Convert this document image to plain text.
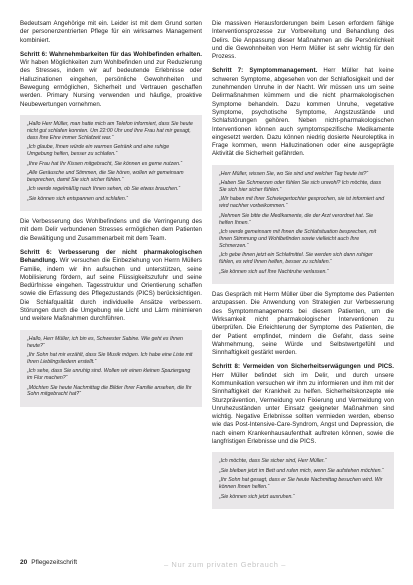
Bedeutsam Angehörige mit ein. Leider ist mit dem Grund sorten der personenzentrierten Pflege für ein wirksames Management kombiniert.

Schritt 6: Wahrnehmbarkeiten für das Wohlbefinden erhalten. Wir haben Möglichkeiten zum Wohlbefinden und zur Reduzierung des Stresses, indem wir auf bedeutende Erlebnisse oder Halluzinationen eingehen, persönliche Gewohnheiten und Bewegung ermöglichen, Sicherheit und Vertrauen geschaffen werden. Primary Nursing verwenden und häufige, proaktive Neubewertungen vornehmen.

„Hallo Herr Müller, man hatte mich am Telefon informiert, dass Sie heute nicht gut schlafen konnten. Um 22:00 Uhr und Ihre Frau hat mir gesagt, dass Ihre Ehre immer Schlafzeit war.“

„Ich glaube, Ihnen würde ein warmes Getränk und eine ruhige Umgebung helfen, besser zu schlafen.“

„Ihre Frau hat Ihr Kissen mitgebracht, Sie können es gerne nutzen.“

„Alle Geräusche und Stimmen, die Sie hören, wollen wir gemeinsam besprechen, damit Sie sich sicher fühlen.“

„Ich werde regelmäßig nach Ihnen sehen, ob Sie etwas brauchen.“

„Sie können sich entspannen und schlafen.“

Die Verbesserung des Wohlbefindens und die Verringerung des mit dem Delir verbundenen Stresses ermöglichen dem Patienten die Bewältigung und Zusammenarbeit mit dem Team.

Schritt 6: Verbesserung der nicht pharmakologischen Behandlung. Wir versuchen die Einbeziehung von Herrn Müllers Familie, indem wir ihn aufsuchen und unterstützen, seine Mobilisierung fördern, auf seine Flüssigkeitszufuhr und seine Bedürfnisse eingehen. Tagesstruktur und Orientierung schaffen sowie die Erfassung des Pflegezustands (PICS) berücksichtigen. Die Schlafqualität durch individuelle Ansätze verbessern. Störungen durch die Umgebung wie Licht und Lärm minimieren und weitere Maßnahmen durchführen.

„Hallo, Herr Müller, ich bin es, Schwester Sabine. Wie geht es Ihnen heute?“

„Ihr Sohn hat mir erzählt, dass Sie Musik mögen. Ich habe eine Liste mit Ihren Lieblingsliedern erstellt.“

„Ich sehe, dass Sie unruhig sind. Wollen wir einen kleinen Spaziergang im Flur machen?“

„Möchten Sie heute Nachmittag die Bilder Ihrer Familie ansehen, die Ihr Sohn mitgebracht hat?“

Die massiven Herausforderungen beim Lesen erfordern fähige Interventionsprozesse zur Vorbereitung und Behandlung des Delirs. Die Anpassung dieser Maßnahmen an die Persönlichkeit und die Gewohnheiten von Herrn Müller ist sehr wichtig für den Prozess.

Schritt 7: Symptommanagement. Herr Müller hat keine schweren Symptome, abgesehen von der Schlaflosigkeit und der zunehmenden Unruhe in der Nacht. Wir müssen uns um seine Delirmaßnahmen kümmern und die nicht pharmakologischen Symptome behandeln. Dazu kommen Unruhe, vegetative Symptome, psychotische Symptome, Angstzustände und Schlafstörungen gehören. Neben nicht-pharmakologischen Interventionen können auch symptomspezifische Medikamente eingesetzt werden. Dazu können niedrig dosierte Neuroleptika in Frage kommen, wenn Halluzinationen oder eine ausgeprägte Aktivität die Sicherheit gefährden.

„Herr Müller, wissen Sie, wo Sie sind und welcher Tag heute ist?“

„Haben Sie Schmerzen oder fühlen Sie sich unwohl? Ich möchte, dass Sie sich hier sicher fühlen.“

„Wir haben mit Ihrer Schwiegertochter gesprochen, sie ist informiert und wird nachher vorbeikommen.“

„Nehmen Sie bitte die Medikamente, die der Arzt verordnet hat. Sie helfen Ihnen.“

„Ich werde gemeinsam mit Ihnen die Schlafsituation besprechen, mit Ihnen Stimmung und Wohlbefinden sowie vielleicht auch Ihre Schmerzen.“

„Ich gebe Ihnen jetzt ein Schlafmittel. Sie werden sich dann ruhiger fühlen, es wird Ihnen helfen, besser zu schlafen.“

„Sie können sich auf Ihre Nachtruhe verlassen.“

Das Gespräch mit Herrn Müller über die Symptome des Patienten anzupassen. Die Anwendung von Strategien zur Verbesserung des Symptommanagements bei diesem Patienten, um die Wirksamkeit nicht pharmakologischer Interventionen zu überprüfen. Die Erleichterung der Symptome des Patienten, die der Patient empfindet, mindern die Gefahr, dass seine Wahrnehmung, seine Würde und Selbstwertgefühl und Sinnhaftigkeit gestärkt werden.

Schritt 8: Vermeiden von Sicherheitserwägungen und PICS. Herr Müller befindet sich im Delir, und durch unsere Kommunikation versuchen wir ihm zu informieren und ihm mit der Sinnhaftigkeit der Krankheit zu helfen. Sicherheitskonzepte wie Sturzprävention, Vermeidung von Fixierung und Vermeidung von Unruhezuständen unter Einsatz geeigneter Maßnahmen sind wichtig. Negative Erlebnisse sollten vermieden werden, ebenso wie das Post-Intensive-Care-Syndrom, Angst und Depression, die nach einem Krankenhausaufenthalt auftreten können, sowie die langfristigen Erlebnisse und die PICS.

„Ich möchte, dass Sie sicher sind, Herr Müller.“

„Sie bleiben jetzt im Bett und rufen mich, wenn Sie aufstehen möchten.“

„Ihr Sohn hat gesagt, dass er Sie heute Nachmittag besuchen wird. Wir können Ihnen helfen.“

„Sie können sich jetzt ausruhen.“

20 Pflegezeitschrift	– Nur zum privaten Gebrauch –
